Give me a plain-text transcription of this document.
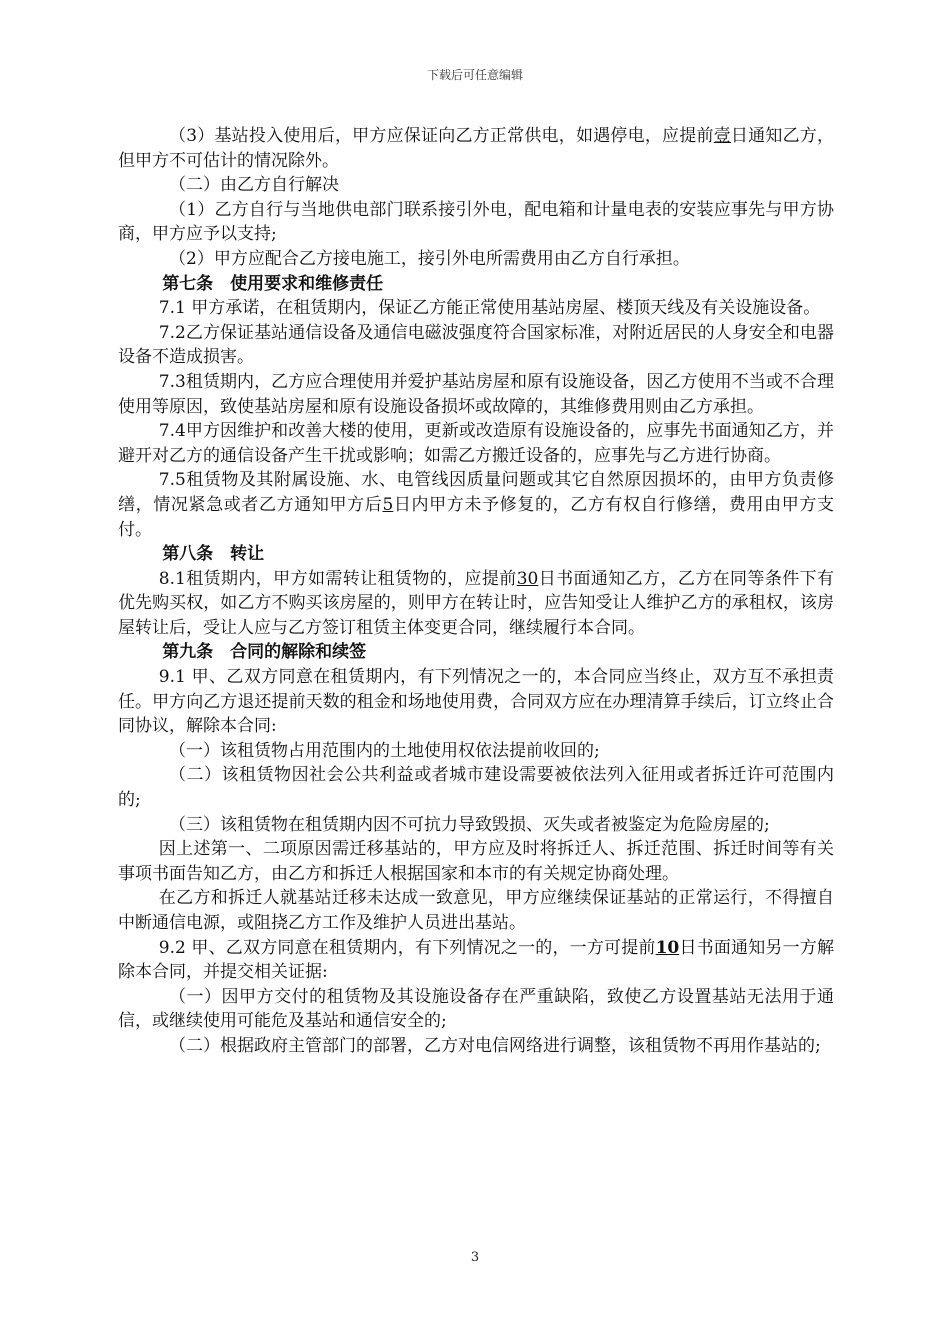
下载后可任意编辑

（3）基站投入使用后，甲方应保证向乙方正常供电，如遇停电，应提前壹日通知乙方，但甲方不可估计的情况除外。

（二）由乙方自行解决

（1）乙方自行与当地供电部门联系接引外电，配电箱和计量电表的安装应事先与甲方协商，甲方应予以支持;

（2）甲方应配合乙方接电施工，接引外电所需费用由乙方自行承担。

第七条　使用要求和维修责任

7.1 甲方承诺，在租赁期内，保证乙方能正常使用基站房屋、楼顶天线及有关设施设备。

7.2乙方保证基站通信设备及通信电磁波强度符合国家标准，对附近居民的人身安全和电器设备不造成损害。

7.3租赁期内，乙方应合理使用并爱护基站房屋和原有设施设备，因乙方使用不当或不合理使用等原因，致使基站房屋和原有设施设备损坏或故障的，其维修费用则由乙方承担。

7.4甲方因维护和改善大楼的使用，更新或改造原有设施设备的，应事先书面通知乙方，并避开对乙方的通信设备产生干扰或影响；如需乙方搬迁设备的，应事先与乙方进行协商。

7.5租赁物及其附属设施、水、电管线因质量问题或其它自然原因损坏的，由甲方负责修缮，情况紧急或者乙方通知甲方后5日内甲方未予修复的，乙方有权自行修缮，费用由甲方支付。

第八条　转让

8.1租赁期内，甲方如需转让租赁物的，应提前30日书面通知乙方，乙方在同等条件下有优先购买权，如乙方不购买该房屋的，则甲方在转让时，应告知受让人维护乙方的承租权，该房屋转让后，受让人应与乙方签订租赁主体变更合同，继续履行本合同。

第九条　合同的解除和续签

9.1 甲、乙双方同意在租赁期内，有下列情况之一的，本合同应当终止，双方互不承担责任。甲方向乙方退还提前天数的租金和场地使用费，合同双方应在办理清算手续后，订立终止合同协议，解除本合同:

（一）该租赁物占用范围内的土地使用权依法提前收回的;

（二）该租赁物因社会公共利益或者城市建设需要被依法列入征用或者拆迁许可范围内的;

（三）该租赁物在租赁期内因不可抗力导致毁损、灭失或者被鉴定为危险房屋的;

因上述第一、二项原因需迁移基站的，甲方应及时将拆迁人、拆迁范围、拆迁时间等有关事项书面告知乙方，由乙方和拆迁人根据国家和本市的有关规定协商处理。

在乙方和拆迁人就基站迁移未达成一致意见，甲方应继续保证基站的正常运行，不得擅自中断通信电源，或阻挠乙方工作及维护人员进出基站。

9.2 甲、乙双方同意在租赁期内，有下列情况之一的，一方可提前10日书面通知另一方解除本合同，并提交相关证据:

（一）因甲方交付的租赁物及其设施设备存在严重缺陷，致使乙方设置基站无法用于通信，或继续使用可能危及基站和通信安全的;

（二）根据政府主管部门的部署，乙方对电信网络进行调整，该租赁物不再用作基站的;

3
